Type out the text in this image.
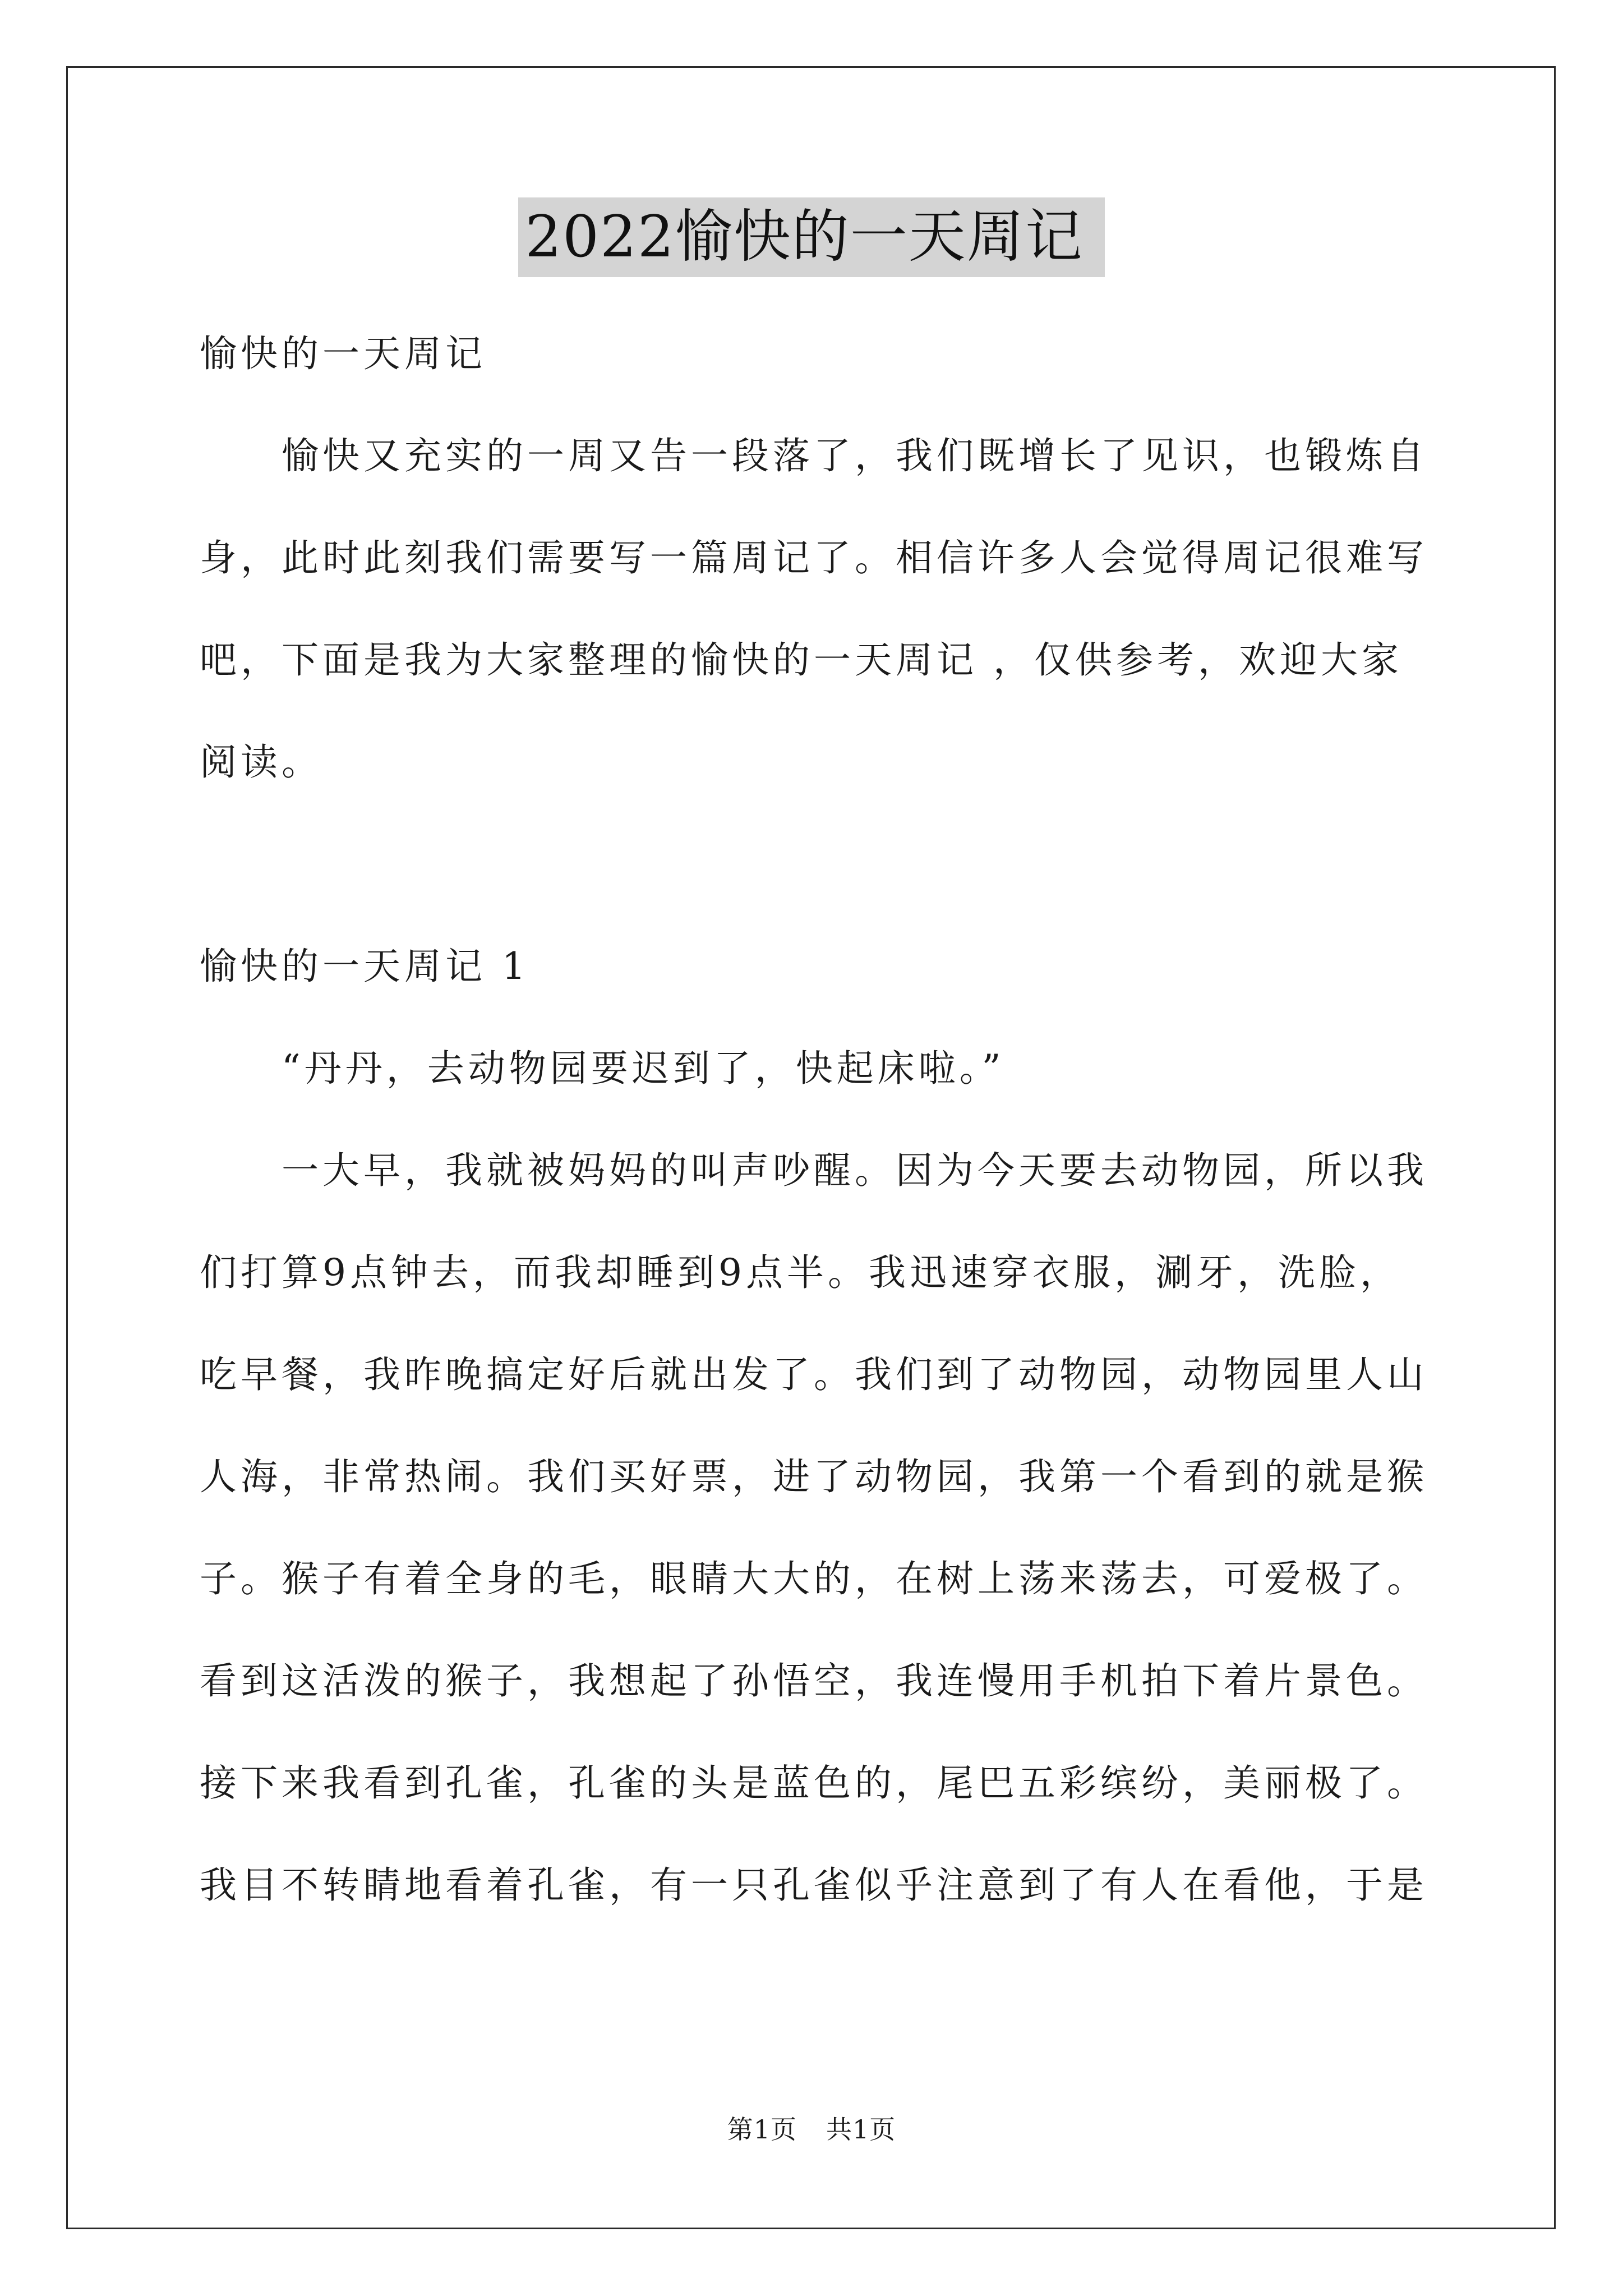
2022愉快的一天周记

愉快的一天周记

愉快又充实的一周又告一段落了，我们既增长了见识，也锻炼自身，此时此刻我们需要写一篇周记了。相信许多人会觉得周记很难写吧，下面是我为大家整理的愉快的一天周记 ，仅供参考，欢迎大家阅读。

愉快的一天周记 1

“丹丹，去动物园要迟到了，快起床啦。”

一大早，我就被妈妈的叫声吵醒。因为今天要去动物园，所以我们打算9点钟去，而我却睡到9点半。我迅速穿衣服，涮牙，洗脸，吃早餐，我昨晚搞定好后就出发了。我们到了动物园，动物园里人山人海，非常热闹。我们买好票，进了动物园，我第一个看到的就是猴子。猴子有着全身的毛，眼睛大大的，在树上荡来荡去，可爱极了。看到这活泼的猴子，我想起了孙悟空，我连慢用手机拍下着片景色。接下来我看到孔雀，孔雀的头是蓝色的，尾巴五彩缤纷，美丽极了。我目不转睛地看着孔雀，有一只孔雀似乎注意到了有人在看他，于是

第1页 共1页
